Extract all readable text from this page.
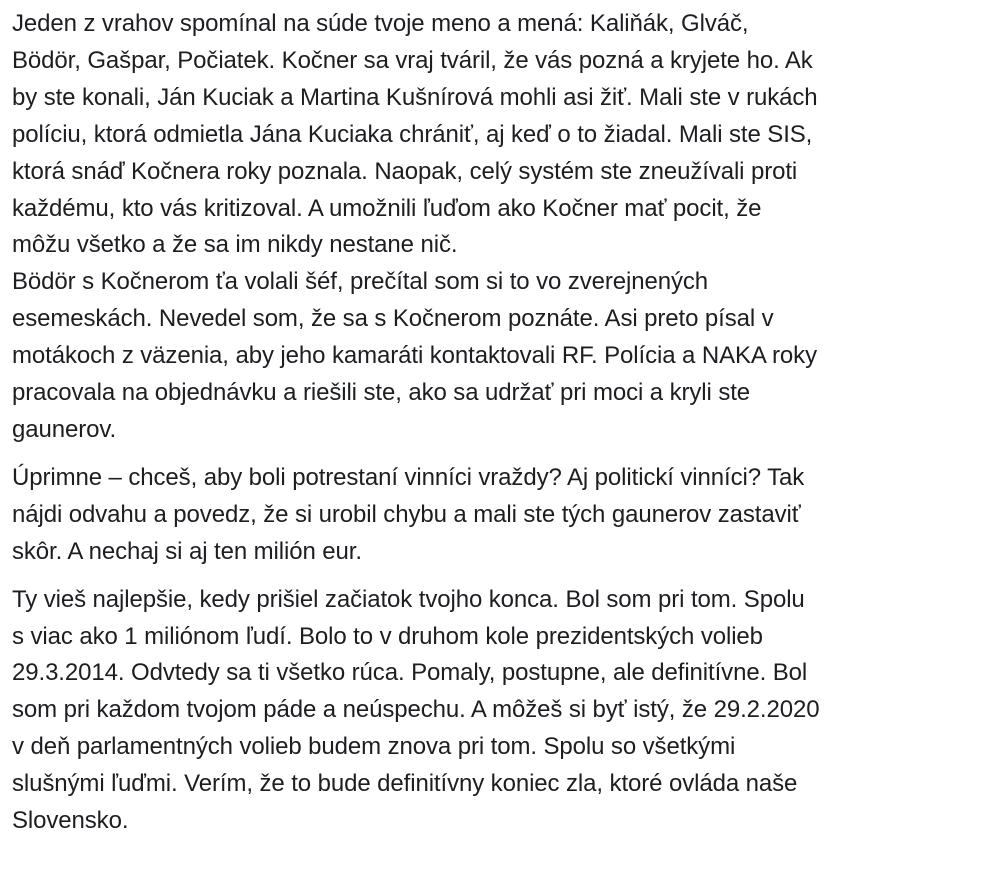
Jeden z vrahov spomínal na súde tvoje meno a mená: Kaliňák, Glváč,
Bödör, Gašpar, Počiatek. Kočner sa vraj tváril, že vás pozná a kryjete ho. Ak
by ste konali, Ján Kuciak a Martina Kušnírová mohli asi žiť. Mali ste v rukách
políciu, ktorá odmietla Jána Kuciaka chrániť, aj keď o to žiadal. Mali ste SIS,
ktorá snáď Kočnera roky poznala. Naopak, celý systém ste zneužívali proti
každému, kto vás kritizoval. A umožnili ľuďom ako Kočner mať pocit, že
môžu všetko a že sa im nikdy nestane nič.
Bödör s Kočnerom ťa volali šéf, prečítal som si to vo zverejnených
esemeskách. Nevedel som, že sa s Kočnerom poznáte. Asi preto písal v
motákoch z väzenia, aby jeho kamaráti kontaktovali RF. Polícia a NAKA roky
pracovala na objednávku a riešili ste, ako sa udržať pri moci a kryli ste
gaunerov.
Úprimne – chceš, aby boli potrestaní vinníci vraždy? Aj politickí vinníci? Tak
nájdi odvahu a povedz, že si urobil chybu a mali ste tých gaunerov zastaviť
skôr. A nechaj si aj ten milión eur.
Ty vieš najlepšie, kedy prišiel začiatok tvojho konca. Bol som pri tom. Spolu
s viac ako 1 miliónom ľudí. Bolo to v druhom kole prezidentských volieb
29.3.2014. Odvtedy sa ti všetko rúca. Pomaly, postupne, ale definitívne. Bol
som pri každom tvojom páde a neúspechu. A môžeš si byť istý, že 29.2.2020
v deň parlamentných volieb budem znova pri tom. Spolu so všetkými
slušnými ľuďmi. Verím, že to bude definitívny koniec zla, ktoré ovláda naše
Slovensko.
